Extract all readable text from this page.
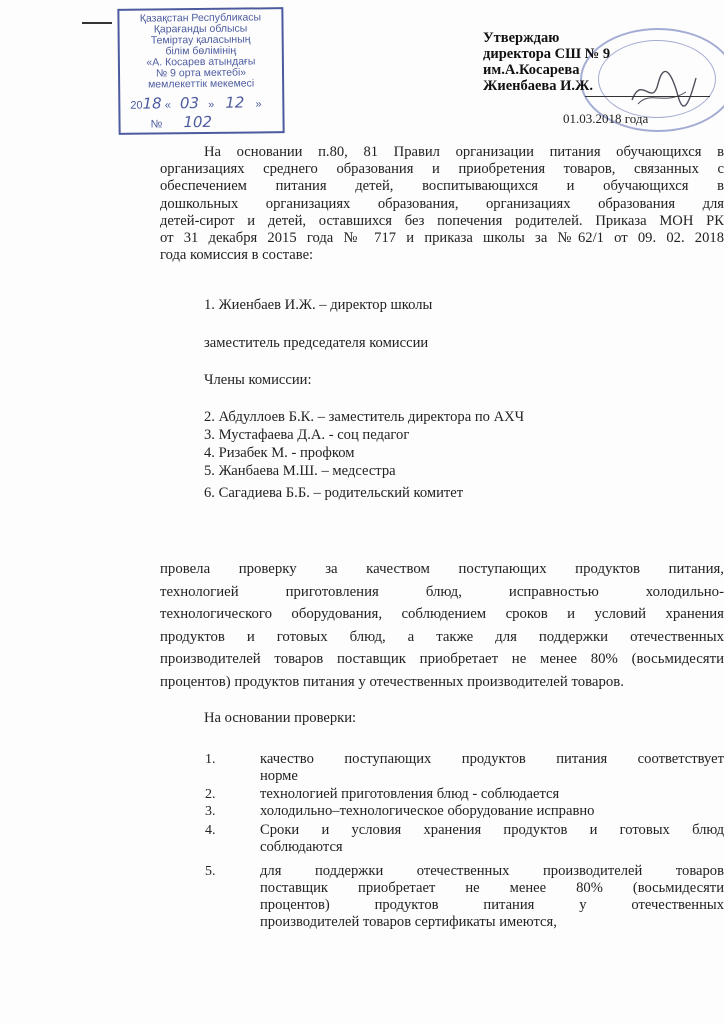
Қазақстан Республикасы
Қарағанды облысы
Теміртау қаласының
білім бөлімінің
«А. Косарев атындағы
№ 9 орта мектебі»
мемлекеттік мекемесі
2018 « 03 » 12 »
№ 102
Утверждаю
директора СШ № 9
им.А.Косарева
Жиенбаева И.Ж.
01.03.2018 года
На основании п.80, 81 Правил организации питания обучающихся в
организациях среднего образования и приобретения товаров, связанных с
обеспечением питания детей, воспитывающихся и обучающихся в
дошкольных организациях образования, организациях образования для
детей-сирот и детей, оставшихся без попечения родителей. Приказа МОН РК
от 31 декабря 2015 года № 717 и приказа школы за №62/1 от 09. 02. 2018
года комиссия в составе:
1. Жиенбаев И.Ж. – директор школы
заместитель председателя комиссии
Члены комиссии:
2. Абдуллоев Б.К. – заместитель директора по АХЧ
3. Мустафаева Д.А. - соц педагог
4. Ризабек М. - профком
5. Жанбаева М.Ш. – медсестра
6. Сагадиева Б.Б. – родительский комитет
провела проверку за качеством поступающих продуктов питания,
технологией приготовления блюд, исправностью холодильно-
технологического оборудования, соблюдением сроков и условий хранения
продуктов и готовых блюд, а также для поддержки отечественных
производителей товаров поставщик приобретает не менее 80% (восьмидесяти
процентов) продуктов питания у отечественных производителей товаров.
На основании проверки:
1.	качество поступающих продуктов питания соответствует
норме
2.	технологией приготовления блюд - соблюдается
3.	холодильно–технологическое оборудование исправно
4.	Сроки и условия хранения продуктов и готовых блюд
соблюдаются
5.	для поддержки отечественных производителей товаров
поставщик приобретает не менее 80% (восьмидесяти
процентов) продуктов питания у отечественных
производителей товаров сертификаты имеются,
